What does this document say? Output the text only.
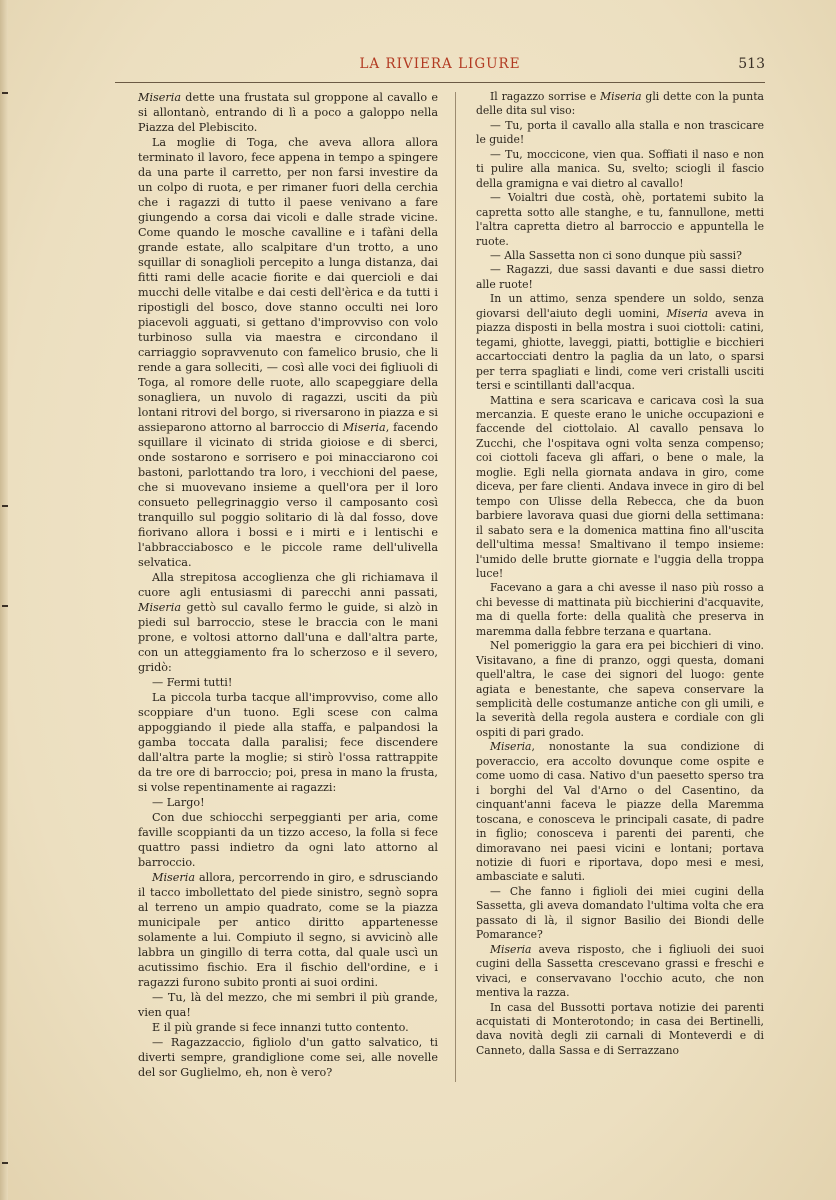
LA RIVIERA LIGURE	513

Miseria dette una frustata sul groppone al cavallo e si allontanò, entrando di lì a poco a galoppo nella Piazza del Plebiscito.

La moglie di Toga, che aveva allora allora terminato il lavoro, fece appena in tempo a spingere da una parte il carretto, per non farsi investire da un colpo di ruota, e per rimaner fuori della cerchia che i ragazzi di tutto il paese venivano a fare giungendo a corsa dai vicoli e dalle strade vicine. Come quando le mosche cavalline e i tafàni della grande estate, allo scalpitare d'un trotto, a uno squillar di sonaglioli percepito a lunga distanza, dai fitti rami delle acacie fiorite e dai quercioli e dai mucchi delle vitalbe e dai cesti dell'èrica e da tutti i ripostigli del bosco, dove stanno occulti nei loro piacevoli agguati, si gettano d'improvviso con volo turbinoso sulla via maestra e circondano il carriaggio sopravvenuto con famelico brusio, che li rende a gara solleciti, — così alle voci dei figliuoli di Toga, al romore delle ruote, allo scapeggiare della sonagliera, un nuvolo di ragazzi, usciti da più lontani ritrovi del borgo, si riversarono in piazza e si assieparono attorno al barroccio di Miseria, facendo squillare il vicinato di strida gioiose e di sberci, onde sostarono e sorrisero e poi minacciarono coi bastoni, parlottando tra loro, i vecchioni del paese, che si muovevano insieme a quell'ora per il loro consueto pellegrinaggio verso il camposanto così tranquillo sul poggio solitario di là dal fosso, dove fiorivano allora i bossi e i mirti e i lentischi e l'abbracciabosco e le piccole rame dell'ulivella selvatica.

Alla strepitosa accoglienza che gli richiamava il cuore agli entusiasmi di parecchi anni passati, Miseria gettò sul cavallo fermo le guide, si alzò in piedi sul barroccio, stese le braccia con le mani prone, e voltosi attorno dall'una e dall'altra parte, con un atteggiamento fra lo scherzoso e il severo, gridò:

— Fermi tutti!

La piccola turba tacque all'improvviso, come allo scoppiare d'un tuono. Egli scese con calma appoggiando il piede alla staffa, e palpandosi la gamba toccata dalla paralisi; fece discendere dall'altra parte la moglie; si stirò l'ossa rattrappite da tre ore di barroccio; poi, presa in mano la frusta, si volse repentinamente ai ragazzi:

— Largo!

Con due schiocchi serpeggianti per aria, come faville scoppianti da un tizzo acceso, la folla si fece quattro passi indietro da ogni lato attorno al barroccio.

Miseria allora, percorrendo in giro, e sdrusciando il tacco imbollettato del piede sinistro, segnò sopra al terreno un ampio quadrato, come se la piazza municipale per antico diritto appartenesse solamente a lui. Compiuto il segno, si avvicinò alle labbra un gingillo di terra cotta, dal quale uscì un acutissimo fischio. Era il fischio dell'ordine, e i ragazzi furono subito pronti ai suoi ordini.

— Tu, là del mezzo, che mi sembri il più grande, vien qua!

E il più grande si fece innanzi tutto contento.

— Ragazzaccio, figliolo d'un gatto salvatico, ti diverti sempre, grandiglione come sei, alle novelle del sor Guglielmo, eh, non è vero?

Il ragazzo sorrise e Miseria gli dette con la punta delle dita sul viso:

— Tu, porta il cavallo alla stalla e non trascicare le guide!

— Tu, moccicone, vien qua. Soffiati il naso e non ti pulire alla manica. Su, svelto; sciogli il fascio della gramigna e vai dietro al cavallo!

— Voialtri due costà, ohè, portatemi subito la capretta sotto alle stanghe, e tu, fannullone, metti l'altra capretta dietro al barroccio e appuntella le ruote.

— Alla Sassetta non ci sono dunque più sassi?

— Ragazzi, due sassi davanti e due sassi dietro alle ruote!

In un attimo, senza spendere un soldo, senza giovarsi dell'aiuto degli uomini, Miseria aveva in piazza disposti in bella mostra i suoi ciottoli: catini, tegami, ghiotte, laveggi, piatti, bottiglie e bicchieri accartocciati dentro la paglia da un lato, o sparsi per terra spagliati e lindi, come veri cristalli usciti tersi e scintillanti dall'acqua.

Mattina e sera scaricava e caricava così la sua mercanzia. E queste erano le uniche occupazioni e faccende del ciottolaio. Al cavallo pensava lo Zucchi, che l'ospitava ogni volta senza compenso; coi ciottoli faceva gli affari, o bene o male, la moglie. Egli nella giornata andava in giro, come diceva, per fare clienti. Andava invece in giro di bel tempo con Ulisse della Rebecca, che da buon barbiere lavorava quasi due giorni della settimana: il sabato sera e la domenica mattina fino all'uscita dell'ultima messa! Smaltivano il tempo insieme: l'umido delle brutte giornate e l'uggia della troppa luce!

Facevano a gara a chi avesse il naso più rosso a chi bevesse di mattinata più bicchierini d'acquavite, ma di quella forte: della qualità che preserva in maremma dalla febbre terzana e quartana.

Nel pomeriggio la gara era pei bicchieri di vino. Visitavano, a fine di pranzo, oggi questa, domani quell'altra, le case dei signori del luogo: gente agiata e benestante, che sapeva conservare la semplicità delle costumanze antiche con gli umili, e la severità della regola austera e cordiale con gli ospiti di pari grado.

Miseria, nonostante la sua condizione di poveraccio, era accolto dovunque come ospite e come uomo di casa. Nativo d'un paesetto sperso tra i borghi del Val d'Arno o del Casentino, da cinquant'anni faceva le piazze della Maremma toscana, e conosceva le principali casate, di padre in figlio; conosceva i parenti dei parenti, che dimoravano nei paesi vicini e lontani; portava notizie di fuori e riportava, dopo mesi e mesi, ambasciate e saluti.

— Che fanno i figlioli dei miei cugini della Sassetta, gli aveva domandato l'ultima volta che era passato di là, il signor Basilio dei Biondi delle Pomarance?

Miseria aveva risposto, che i figliuoli dei suoi cugini della Sassetta crescevano grassi e freschi e vivaci, e conservavano l'occhio acuto, che non mentiva la razza.

In casa del Bussotti portava notizie dei parenti acquistati di Monterotondo; in casa dei Bertinelli, dava novità degli zii carnali di Monteverdi e di Canneto, dalla Sassa e di Serrazzano
